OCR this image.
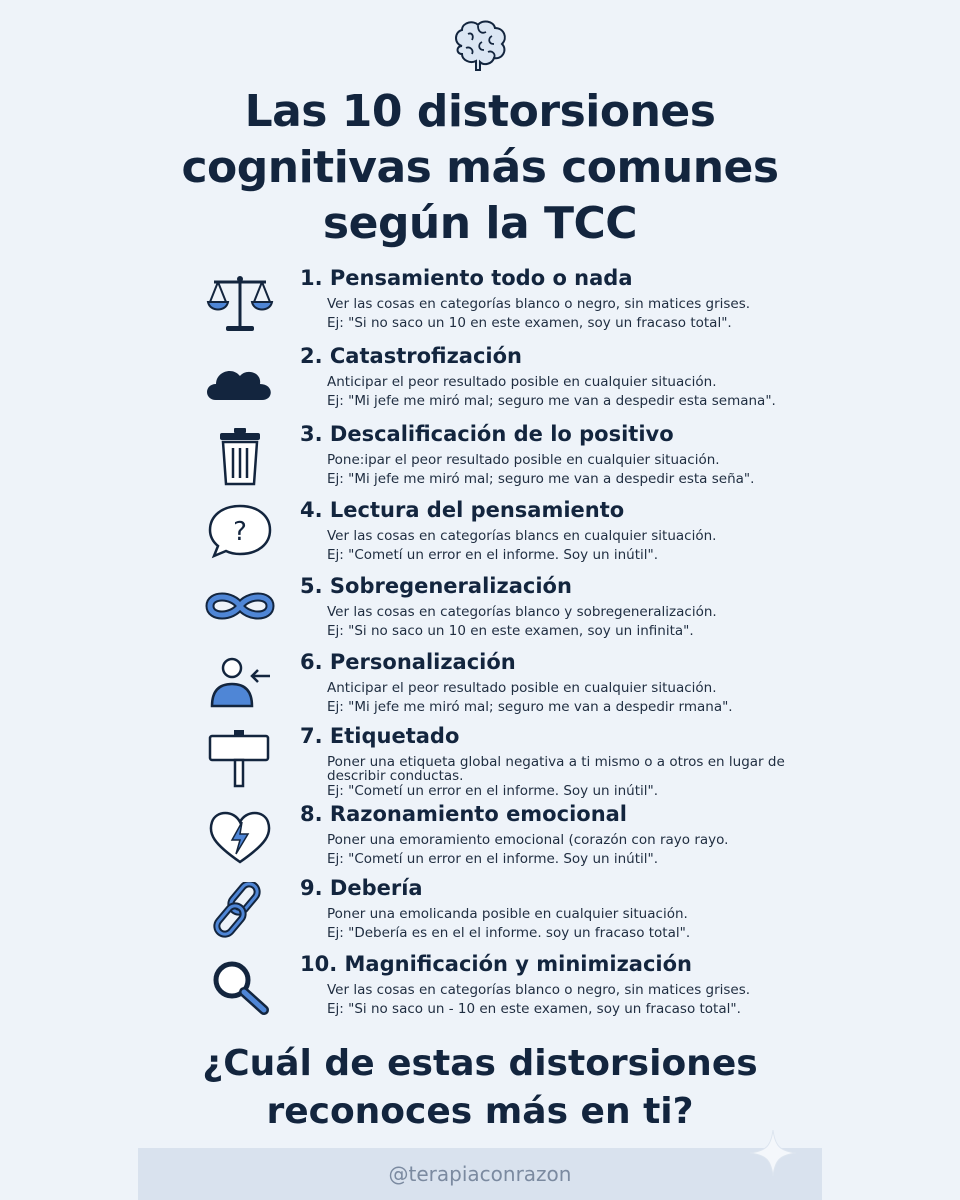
Las 10 distorsiones
cognitivas más comunes
según la TCC
1. Pensamiento todo o nada
Ver las cosas en categorías blanco o negro, sin matices grises.
Ej: "Si no saco un 10 en este examen, soy un fracaso total".
2. Catastrofización
Anticipar el peor resultado posible en cualquier situación.
Ej: "Mi jefe me miró mal; seguro me van a despedir esta semana".
3. Descalificación de lo positivo
Pone:ipar el peor resultado posible en cualquier situación.
Ej: "Mi jefe me miró mal; seguro me van a despedir esta seña".
?
4. Lectura del pensamiento
Ver las cosas en categorías blancs en cualquier situación.
Ej: "Cometí un error en el informe. Soy un inútil".
5. Sobregeneralización
Ver las cosas en categorías blanco y sobregeneralización.
Ej: "Si no saco un 10 en este examen, soy un infinita".
6. Personalización
Anticipar el peor resultado posible en cualquier situación.
Ej: "Mi jefe me miró mal; seguro me van a despedir rmana".
7. Etiquetado
Poner una etiqueta global negativa a ti mismo o a otros en lugar de describir conductas.
Ej: "Cometí un error en el informe. Soy un inútil".
8. Razonamiento emocional
Poner una emoramiento emocional (corazón con rayo rayo.
Ej: "Cometí un error en el informe. Soy un inútil".
9. Debería
Poner una emolicanda posible en cualquier situación.
Ej: "Debería es en el el informe. soy un fracaso total".
10. Magnificación y minimización
Ver las cosas en categorías blanco o negro, sin matices grises.
Ej: "Si no saco un - 10 en este examen, soy un fracaso total".
¿Cuál de estas distorsiones
reconoces más en ti?
@terapiaconrazon
